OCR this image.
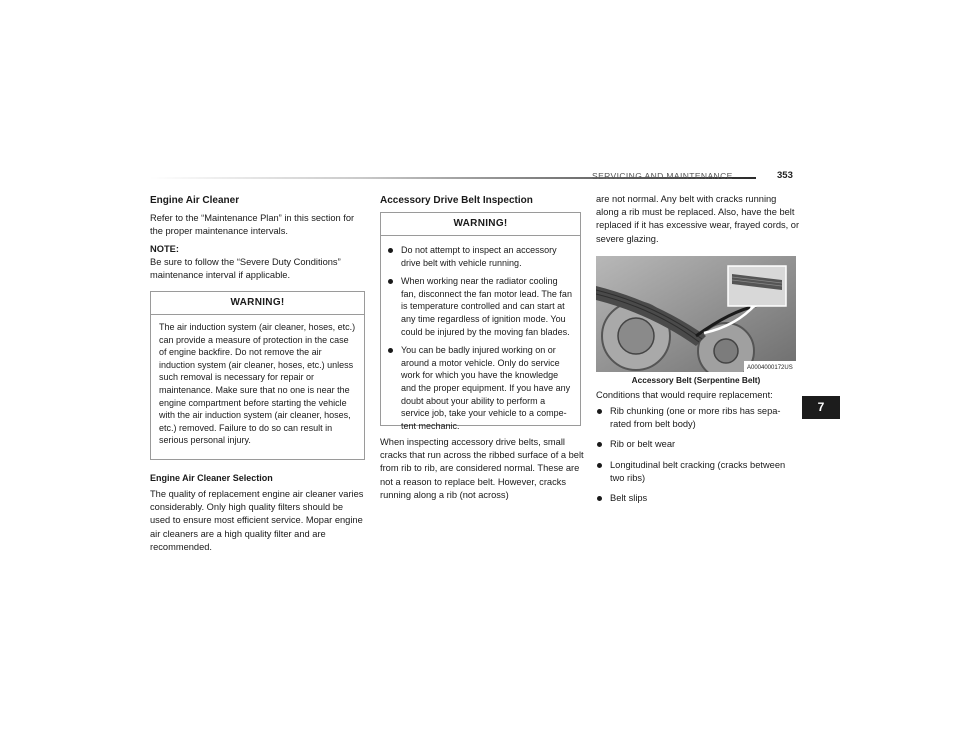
SERVICING AND MAINTENANCE	353
Engine Air Cleaner
Refer to the “Maintenance Plan” in this section for the proper maintenance intervals.
NOTE:
Be sure to follow the “Severe Duty Conditions” maintenance interval if applicable.
WARNING!
The air induction system (air cleaner, hoses, etc.) can provide a measure of protection in the case of engine backfire. Do not remove the air induction system (air cleaner, hoses, etc.) unless such removal is necessary for repair or maintenance. Make sure that no one is near the engine compartment before starting the vehicle with the air induction system (air cleaner, hoses, etc.) removed. Failure to do so can result in serious personal injury.
Engine Air Cleaner Selection
The quality of replacement engine air cleaner varies considerably. Only high quality filters should be used to ensure most efficient service. Mopar engine air cleaners are a high quality filter and are recommended.
Accessory Drive Belt Inspection
WARNING!
Do not attempt to inspect an accessory drive belt with vehicle running.
When working near the radiator cooling fan, disconnect the fan motor lead. The fan is temperature controlled and can start at any time regardless of ignition mode. You could be injured by the moving fan blades.
You can be badly injured working on or around a motor vehicle. Only do service work for which you have the knowledge and the proper equipment. If you have any doubt about your ability to perform a service job, take your vehicle to a compe-tent mechanic.
When inspecting accessory drive belts, small cracks that run across the ribbed surface of a belt from rib to rib, are considered normal. These are not a reason to replace belt. However, cracks running along a rib (not across)
are not normal. Any belt with cracks running along a rib must be replaced. Also, have the belt replaced if it has excessive wear, frayed cords, or severe glazing.
A0004000172US
Accessory Belt (Serpentine Belt)
Conditions that would require replacement:
Rib chunking (one or more ribs has sepa-rated from belt body)
Rib or belt wear
Longitudinal belt cracking (cracks between two ribs)
Belt slips
7
